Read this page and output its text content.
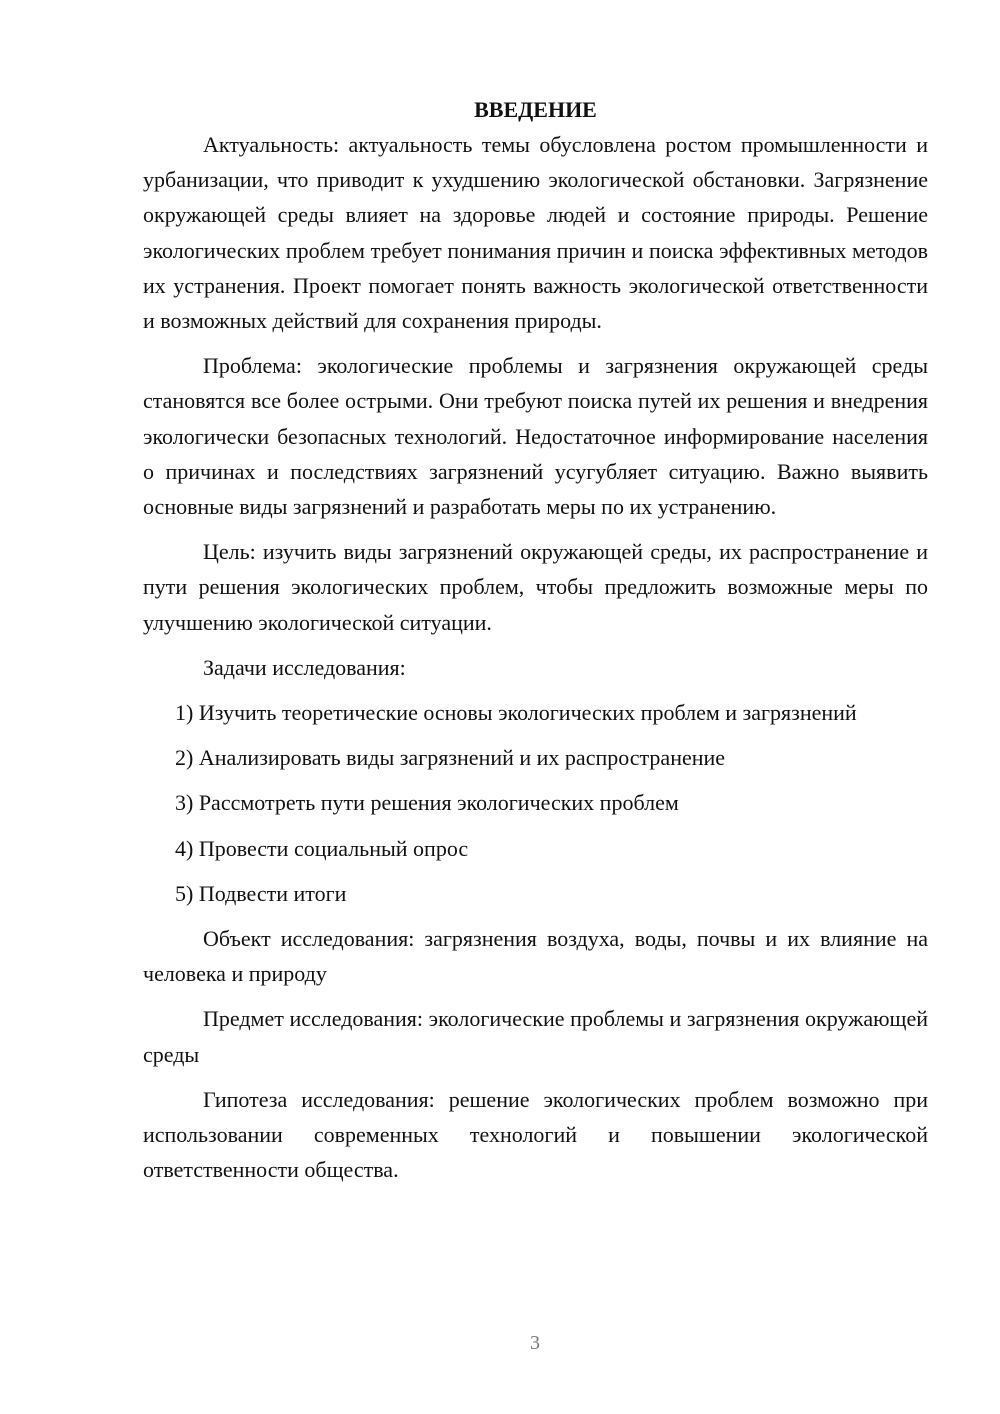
ВВЕДЕНИЕ

Актуальность: актуальность темы обусловлена ростом промышленности и урбанизации, что приводит к ухудшению экологической обстановки. Загрязнение окружающей среды влияет на здоровье людей и состояние природы. Решение экологических проблем требует понимания причин и поиска эффективных методов их устранения. Проект помогает понять важность экологической ответственности и возможных действий для сохранения природы.

Проблема: экологические проблемы и загрязнения окружающей среды становятся все более острыми. Они требуют поиска путей их решения и внедрения экологически безопасных технологий. Недостаточное информирование населения о причинах и последствиях загрязнений усугубляет ситуацию. Важно выявить основные виды загрязнений и разработать меры по их устранению.

Цель: изучить виды загрязнений окружающей среды, их распространение и пути решения экологических проблем, чтобы предложить возможные меры по улучшению экологической ситуации.

Задачи исследования:

1) Изучить теоретические основы экологических проблем и загрязнений

2) Анализировать виды загрязнений и их распространение

3) Рассмотреть пути решения экологических проблем

4) Провести социальный опрос

5) Подвести итоги

Объект исследования: загрязнения воздуха, воды, почвы и их влияние на человека и природу

Предмет исследования: экологические проблемы и загрязнения окружающей среды

Гипотеза исследования: решение экологических проблем возможно при использовании современных технологий и повышении экологической ответственности общества.

3
